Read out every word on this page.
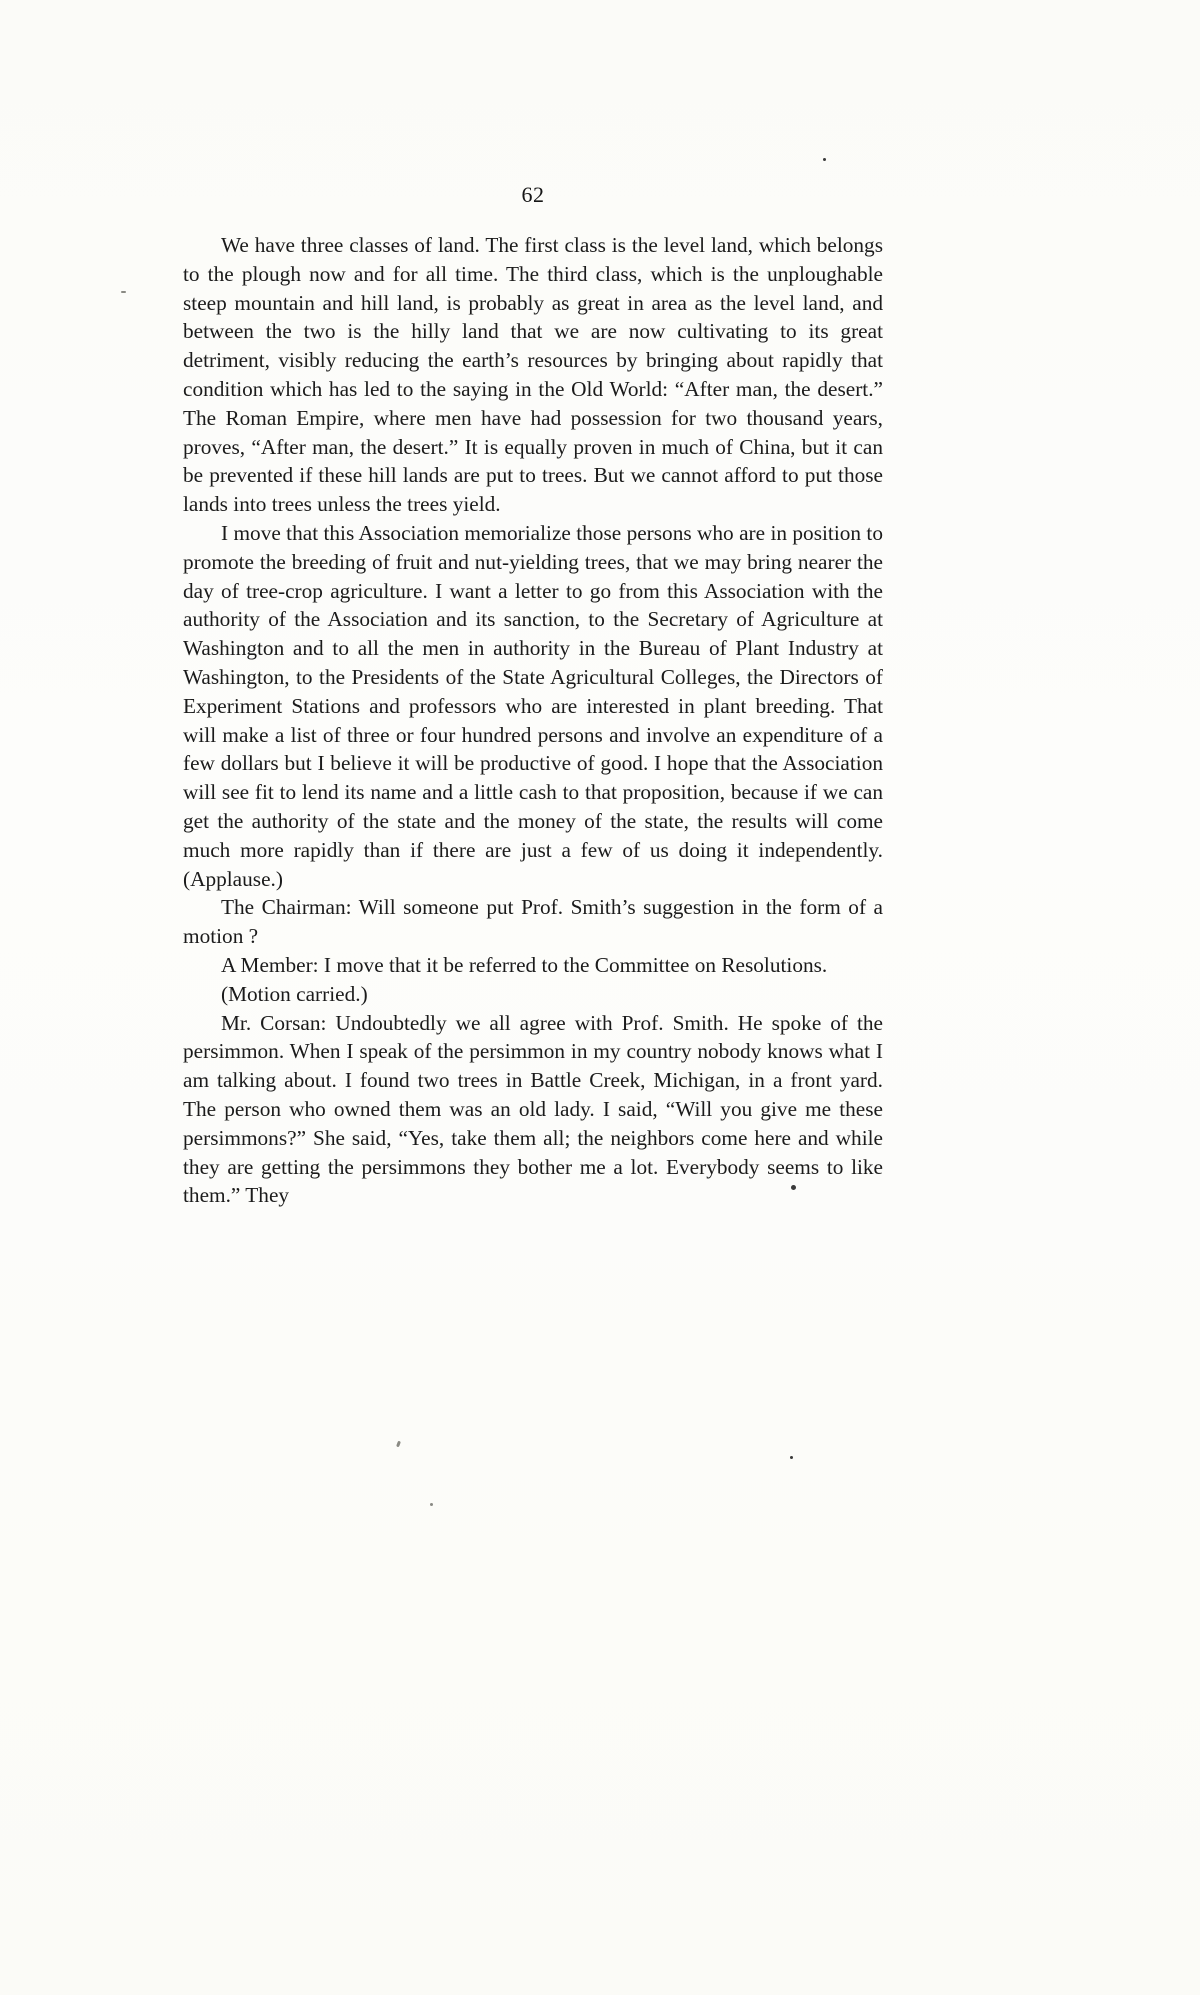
62

We have three classes of land. The first class is the level land, which belongs to the plough now and for all time. The third class, which is the unploughable steep mountain and hill land, is probably as great in area as the level land, and between the two is the hilly land that we are now cultivating to its great detriment, visibly reducing the earth’s resources by bringing about rapidly that condition which has led to the saying in the Old World: “After man, the desert.” The Roman Empire, where men have had possession for two thousand years, proves, “After man, the desert.” It is equally proven in much of China, but it can be prevented if these hill lands are put to trees. But we cannot afford to put those lands into trees unless the trees yield.

I move that this Association memorialize those persons who are in position to promote the breeding of fruit and nut-yielding trees, that we may bring nearer the day of tree-crop agriculture. I want a letter to go from this Association with the authority of the Association and its sanction, to the Secretary of Agriculture at Washington and to all the men in authority in the Bureau of Plant Industry at Washington, to the Presidents of the State Agricultural Colleges, the Directors of Experiment Stations and professors who are interested in plant breeding. That will make a list of three or four hundred persons and involve an expenditure of a few dollars but I believe it will be productive of good. I hope that the Association will see fit to lend its name and a little cash to that proposition, because if we can get the authority of the state and the money of the state, the results will come much more rapidly than if there are just a few of us doing it independently. (Applause.)

The Chairman: Will someone put Prof. Smith’s suggestion in the form of a motion ?

A Member: I move that it be referred to the Committee on Resolutions.

(Motion carried.)

Mr. Corsan: Undoubtedly we all agree with Prof. Smith. He spoke of the persimmon. When I speak of the persimmon in my country nobody knows what I am talking about. I found two trees in Battle Creek, Michigan, in a front yard. The person who owned them was an old lady. I said, “Will you give me these persimmons?” She said, “Yes, take them all; the neighbors come here and while they are getting the persimmons they bother me a lot. Everybody seems to like them.” They
